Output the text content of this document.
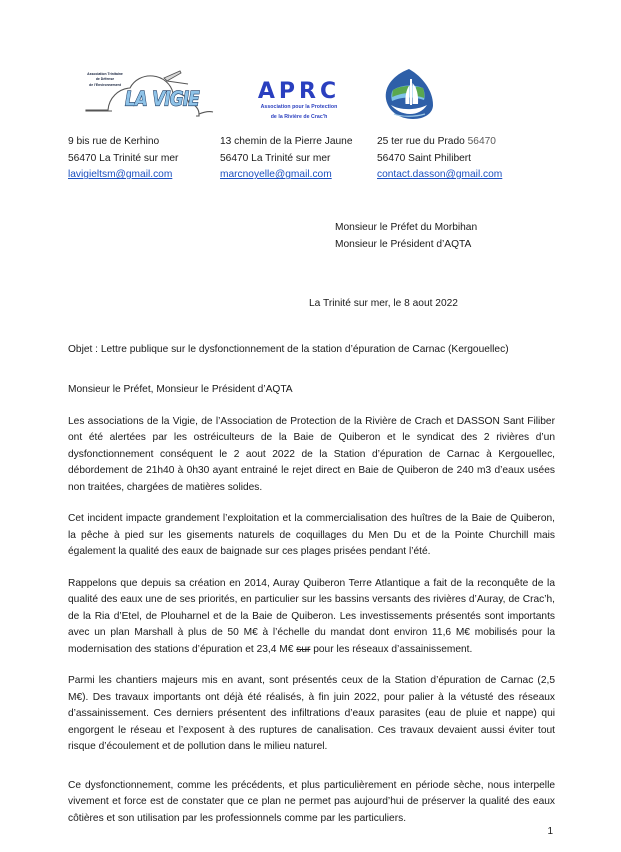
Association Trinitaine
de Défense
de l'Environnement
LA VIGIE	APRC
Association pour la Protection
de la Rivière de Crac'h
9 bis rue de Kerhino
56470 La Trinité sur mer
lavigieltsm@gmail.com
13 chemin de la Pierre Jaune
56470 La Trinité sur mer
marcnoyelle@gmail.com
25 ter rue du Prado 56470
56470 Saint Philibert
contact.dasson@gmail.com
Monsieur le Préfet du Morbihan
Monsieur le Président d’AQTA
La Trinité sur mer, le 8 aout 2022
Objet : Lettre publique sur le dysfonctionnement de la station d’épuration de Carnac (Kergouellec)

Monsieur le Préfet, Monsieur le Président d’AQTA

Les associations de la Vigie, de l’Association de Protection de la Rivière de Crach et DASSON Sant Filiber ont été alertées par les ostréiculteurs de la Baie de Quiberon et le syndicat des 2 rivières d’un dysfonctionnement conséquent le 2 aout 2022 de la Station d’épuration de Carnac à Kergouellec, débordement de 21h40 à 0h30 ayant entrainé le rejet direct en Baie de Quiberon de 240 m3 d’eaux usées non traitées, chargées de matières solides.

Cet incident impacte grandement l’exploitation et la commercialisation des huîtres de la Baie de Quiberon, la pêche à pied sur les gisements naturels de coquillages du Men Du et de la Pointe Churchill mais également la qualité des eaux de baignade sur ces plages prisées pendant l’été.

Rappelons que depuis sa création en 2014, Auray Quiberon Terre Atlantique a fait de la reconquête de la qualité des eaux une de ses priorités, en particulier sur les bassins versants des rivières d’Auray, de Crac’h, de la Ria d’Etel, de Plouharnel et de la Baie de Quiberon. Les investissements présentés sont importants avec un plan Marshall à plus de 50 M€ à l’échelle du mandat dont environ 11,6 M€ mobilisés pour la modernisation des stations d’épuration et 23,4 M€ sur pour les réseaux d’assainissement.

Parmi les chantiers majeurs mis en avant, sont présentés ceux de la Station d’épuration de Carnac (2,5 M€). Des travaux importants ont déjà été réalisés, à fin juin 2022, pour palier à la vétusté des réseaux d’assainissement. Ces derniers présentent des infiltrations d’eaux parasites (eau de pluie et nappe) qui engorgent le réseau et l’exposent à des ruptures de canalisation. Ces travaux devaient aussi éviter tout risque d’écoulement et de pollution dans le milieu naturel.

Ce dysfonctionnement, comme les précédents, et plus particulièrement en période sèche, nous interpelle vivement et force est de constater que ce plan ne permet pas aujourd’hui de préserver la qualité des eaux côtières et son utilisation par les professionnels comme par les particuliers.

1
